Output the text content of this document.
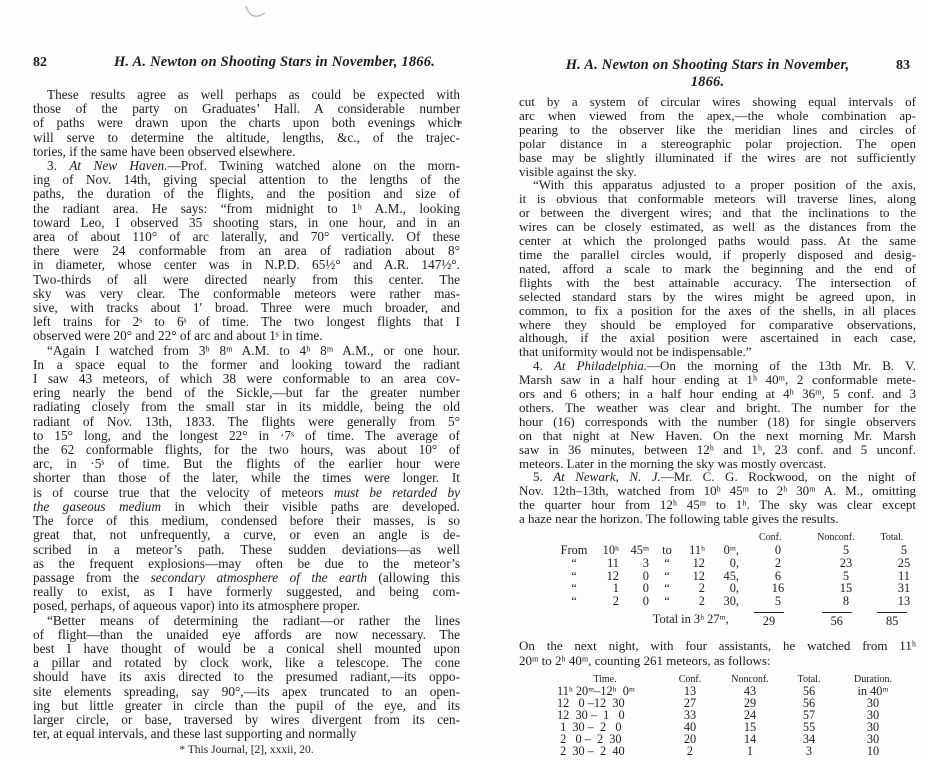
82	H. A. Newton on Shooting Stars in November, 1866.
These results agree as well perhaps as could be expected with
those of the party on Graduates’ Hall. A considerable number
of paths were drawn upon the charts upon both evenings which
will serve to determine the altitude, lengths, &c., of the trajec-
tories, if the same have been observed elsewhere.
3. At New Haven.—Prof. Twining watched alone on the morn-
ing of Nov. 14th, giving special attention to the lengths of the
paths, the duration of the flights, and the position and size of
the radiant area. He says: “from midnight to 1ʰ A.M., looking
toward Leo, I observed 35 shooting stars, in one hour, and in an
area of about 110° of arc laterally, and 70° vertically. Of these
there were 24 conformable from an area of radiation about 8°
in diameter, whose center was in N.P.D. 65½° and A.R. 147½°.
Two-thirds of all were directed nearly from this center. The
sky was very clear. The conformable meteors were rather mas-
sive, with tracks about 1′ broad. Three were much broader, and
left trains for 2ˢ to 6ˢ of time. The two longest flights that I
observed were 20° and 22° of arc and about 1ˢ in time.
“Again I watched from 3ʰ 8ᵐ A.M. to 4ʰ 8ᵐ A.M., or one hour.
In a space equal to the former and looking toward the radiant
I saw 43 meteors, of which 38 were conformable to an area cov-
ering nearly the bend of the Sickle,—but far the greater number
radiating closely from the small star in its middle, being the old
radiant of Nov. 13th, 1833. The flights were generally from 5°
to 15° long, and the longest 22° in ·7ˢ of time. The average of
the 62 conformable flights, for the two hours, was about 10° of
arc, in ·5ˢ of time. But the flights of the earlier hour were
shorter than those of the later, while the times were longer. It
is of course true that the velocity of meteors must be retarded by
the gaseous medium in which their visible paths are developed.
The force of this medium, condensed before their masses, is so
great that, not unfrequently, a curve, or even an angle is de-
scribed in a meteor’s path. These sudden deviations—as well
as the frequent explosions—may often be due to the meteor’s
passage from the secondary atmosphere of the earth (allowing this
really to exist, as I have formerly suggested, and being com-
posed, perhaps, of aqueous vapor) into its atmosphere proper.
“Better means of determining the radiant—or rather the lines
of flight—than the unaided eye affords are now necessary. The
best I have thought of would be a conical shell mounted upon
a pillar and rotated by clock work, like a telescope. The cone
should have its axis directed to the presumed radiant,—its oppo-
site elements spreading, say 90°,—its apex truncated to an open-
ing but little greater in circle than the pupil of the eye, and its
larger circle, or base, traversed by wires divergent from its cen-
ter, at equal intervals, and these last supporting and normally
* This Journal, [2], xxxii, 20.
H. A. Newton on Shooting Stars in November, 1866.
83
cut by a system of circular wires showing equal intervals of
arc when viewed from the apex,—the whole combination ap-
pearing to the observer like the meridian lines and circles of
polar distance in a stereographic polar projection. The open
base may be slightly illuminated if the wires are not sufficiently
visible against the sky.
“With this apparatus adjusted to a proper position of the axis,
it is obvious that conformable meteors will traverse lines, along
or between the divergent wires; and that the inclinations to the
wires can be closely estimated, as well as the distances from the
center at which the prolonged paths would pass. At the same
time the parallel circles would, if properly disposed and desig-
nated, afford a scale to mark the beginning and the end of
flights with the best attainable accuracy. The intersection of
selected standard stars by the wires might be agreed upon, in
common, to fix a position for the axes of the shells, in all places
where they should be employed for comparative observations,
although, if the axial position were ascertained in each case,
that uniformity would not be indispensable.”
4. At Philadelphia.—On the morning of the 13th Mr. B. V.
Marsh saw in a half hour ending at 1ʰ 40ᵐ, 2 conformable mete-
ors and 6 others; in a half hour ending at 4ʰ 36ᵐ, 5 conf. and 3
others. The weather was clear and bright. The number for the
hour (16) corresponds with the number (18) for single observers
on that night at New Haven. On the next morning Mr. Marsh
saw in 36 minutes, between 12ʰ and 1ʰ, 23 conf. and 5 unconf.
meteors. Later in the morning the sky was mostly overcast.
5. At Newark, N. J.—Mr. C. G. Rockwood, on the night of
Nov. 12th–13th, watched from 10ʰ 45ᵐ to 2ʰ 30ᵐ A. M., omitting
the quarter hour from 12ʰ 45ᵐ to 1ʰ. The sky was clear except
a haze near the horizon. The following table gives the results.
Conf.	Nonconf.	Total.
From	10ʰ	45ᵐ	to	11ʰ	0ᵐ,	0	5	5
“	11	3	“	12	0,	2	23	25
“	12	0	“	12	45,	6	5	11
“	1	0	“	2	0,	16	15	31
“	2	0	“	2	30,	5	8	13
Total in 3ʰ 27ᵐ,	29	56	85
On the next night, with four assistants, he watched from 11ʰ
20ᵐ to 2ʰ 40ᵐ, counting 261 meteors, as follows:
Time.	Conf.	Nonconf.	Total.	Duration.
11ʰ 20ᵐ–12ʰ  0ᵐ	13	43	56	in 40ᵐ
12   0 –12  30	27	29	56	30
12  30 –  1   0	33	24	57	30
1  30 –  2   0	40	15	55	30
2   0 –  2  30	20	14	34	30
2  30 –  2  40	2	1	3	10
